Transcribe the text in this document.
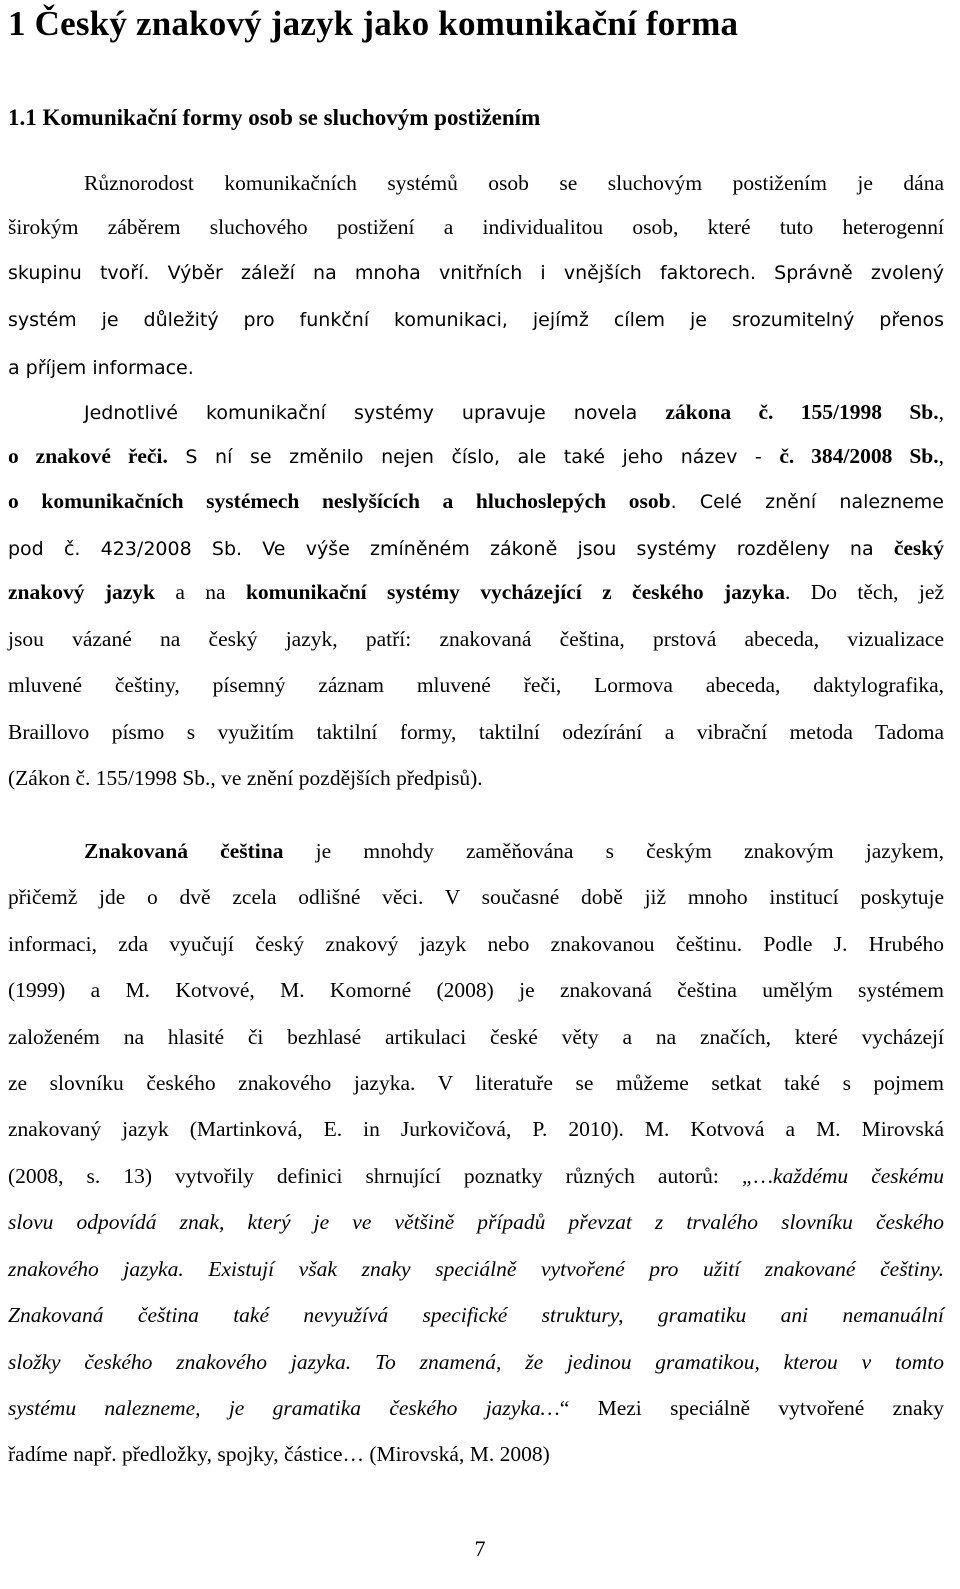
1 Český znakový jazyk jako komunikační forma
1.1 Komunikační formy osob se sluchovým postižením
Různorodost komunikačních systémů osob se sluchovým postižením je dána
širokým záběrem sluchového postižení a individualitou osob, které tuto heterogenní
skupinu tvoří. Výběr záleží na mnoha vnitřních i vnějších faktorech. Správně zvolený
systém je důležitý pro funkční komunikaci, jejímž cílem je srozumitelný přenos
a příjem informace.
Jednotlivé komunikační systémy upravuje novela zákona č. 155/1998 Sb.,
o znakové řeči. S ní se změnilo nejen číslo, ale také jeho název - č. 384/2008 Sb.,
o komunikačních systémech neslyšících a hluchoslepých osob. Celé znění nalezneme
pod č. 423/2008 Sb. Ve výše zmíněném zákoně jsou systémy rozděleny na český
znakový jazyk a na komunikační systémy vycházející z českého jazyka. Do těch, jež
jsou vázané na český jazyk, patří: znakovaná čeština, prstová abeceda, vizualizace
mluvené češtiny, písemný záznam mluvené řeči, Lormova abeceda, daktylografika,
Braillovo písmo s využitím taktilní formy, taktilní odezírání a vibrační metoda Tadoma
(Zákon č. 155/1998 Sb., ve znění pozdějších předpisů).
Znakovaná čeština je mnohdy zaměňována s českým znakovým jazykem,
přičemž jde o dvě zcela odlišné věci. V současné době již mnoho institucí poskytuje
informaci, zda vyučují český znakový jazyk nebo znakovanou češtinu. Podle J. Hrubého
(1999) a M. Kotvové, M. Komorné (2008) je znakovaná čeština umělým systémem
založeném na hlasité či bezhlasé artikulaci české věty a na značích, které vycházejí
ze slovníku českého znakového jazyka. V literatuře se můžeme setkat také s pojmem
znakovaný jazyk (Martinková, E. in Jurkovičová, P. 2010). M. Kotvová a M. Mirovská
(2008, s. 13) vytvořily definici shrnující poznatky různých autorů: „…každému českému
slovu odpovídá znak, který je ve většině případů převzat z trvalého slovníku českého
znakového jazyka. Existují však znaky speciálně vytvořené pro užití znakované češtiny.
Znakovaná čeština také nevyužívá specifické struktury, gramatiku ani nemanuální
složky českého znakového jazyka. To znamená, že jedinou gramatikou, kterou v tomto
systému nalezneme, je gramatika českého jazyka…“ Mezi speciálně vytvořené znaky
řadíme např. předložky, spojky, částice… (Mirovská, M. 2008)
7
